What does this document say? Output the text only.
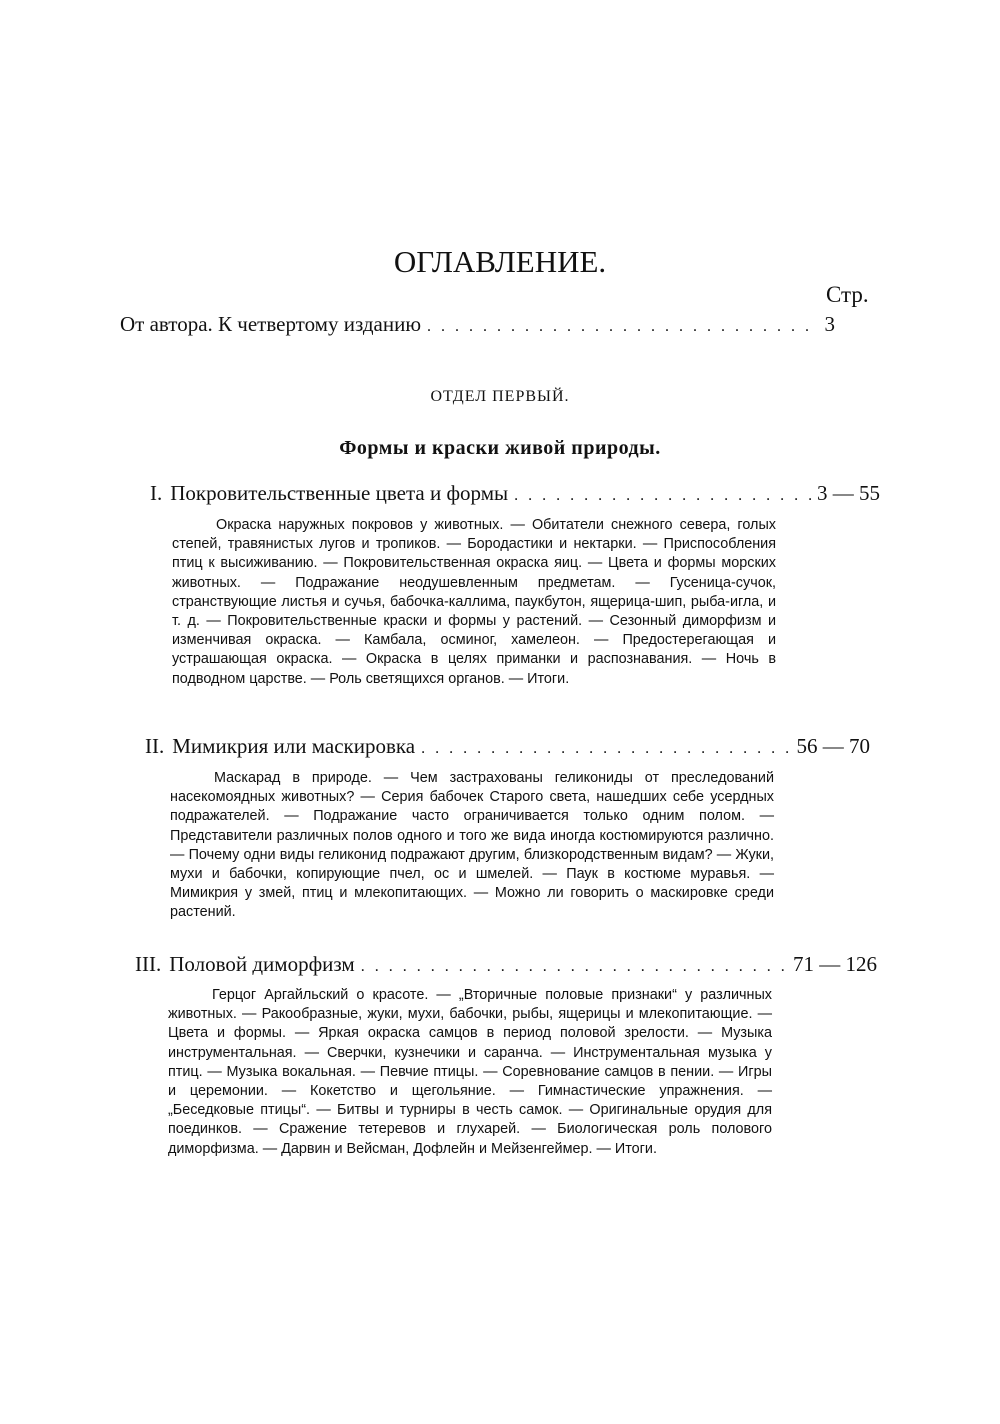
ОГЛАВЛЕНИЕ.
Стр.
От автора. К четвертому изданию . . .	3
ОТДЕЛ ПЕРВЫЙ.
Формы и краски живой природы.
I. Покровительственные цвета и формы . . .	3 — 55
Окраска наружных покровов у животных. — Обитатели снежного севера, голых степей, травянистых лугов и тропиков. — Бородастики и нектарки. — Приспособления птиц к высиживанию. — Покровительственная окраска яиц. — Цвета и формы морских животных. — Подражание неодушевленным предметам. — Гусеница-сучок, странствующие листья и сучья, бабочка-каллима, паукбутон, ящерица-шип, рыба-игла, и т. д. — Покровительственные краски и формы у растений. — Сезонный диморфизм и изменчивая окраска. — Камбала, осминог, хамелеон. — Предостерегающая и устрашающая окраска. — Окраска в целях приманки и распознавания. — Ночь в подводном царстве. — Роль светящихся органов. — Итоги.
II. Мимикрия или маскировка . . .	56 — 70
Маскарад в природе. — Чем застрахованы геликониды от преследований насекомоядных животных? — Серия бабочек Старого света, нашедших себе усердных подражателей. — Подражание часто ограничивается только одним полом. — Представители различных полов одного и того же вида иногда костюмируются различно. — Почему одни виды геликонид подражают другим, близкородственным видам? — Жуки, мухи и бабочки, копирующие пчел, ос и шмелей. — Паук в костюме муравья. — Мимикрия у змей, птиц и млекопитающих. — Можно ли говорить о маскировке среди растений.
III. Половой диморфизм . . .	71 — 126
Герцог Аргайльский о красоте. — „Вторичные половые признаки“ у различных животных. — Ракообразные, жуки, мухи, бабочки, рыбы, ящерицы и млекопитающие. — Цвета и формы. — Яркая окраска самцов в период половой зрелости. — Музыка инструментальная. — Сверчки, кузнечики и саранча. — Инструментальная музыка у птиц. — Музыка вокальная. — Певчие птицы. — Соревнование самцов в пении. — Игры и церемонии. — Кокетство и щегольяние. — Гимнастические упражнения. — „Беседковые птицы“. — Битвы и турниры в честь самок. — Оригинальные орудия для поединков. — Сражение тетеревов и глухарей. — Биологическая роль полового диморфизма. — Дарвин и Вейсман, Дофлейн и Мейзенгеймер. — Итоги.
